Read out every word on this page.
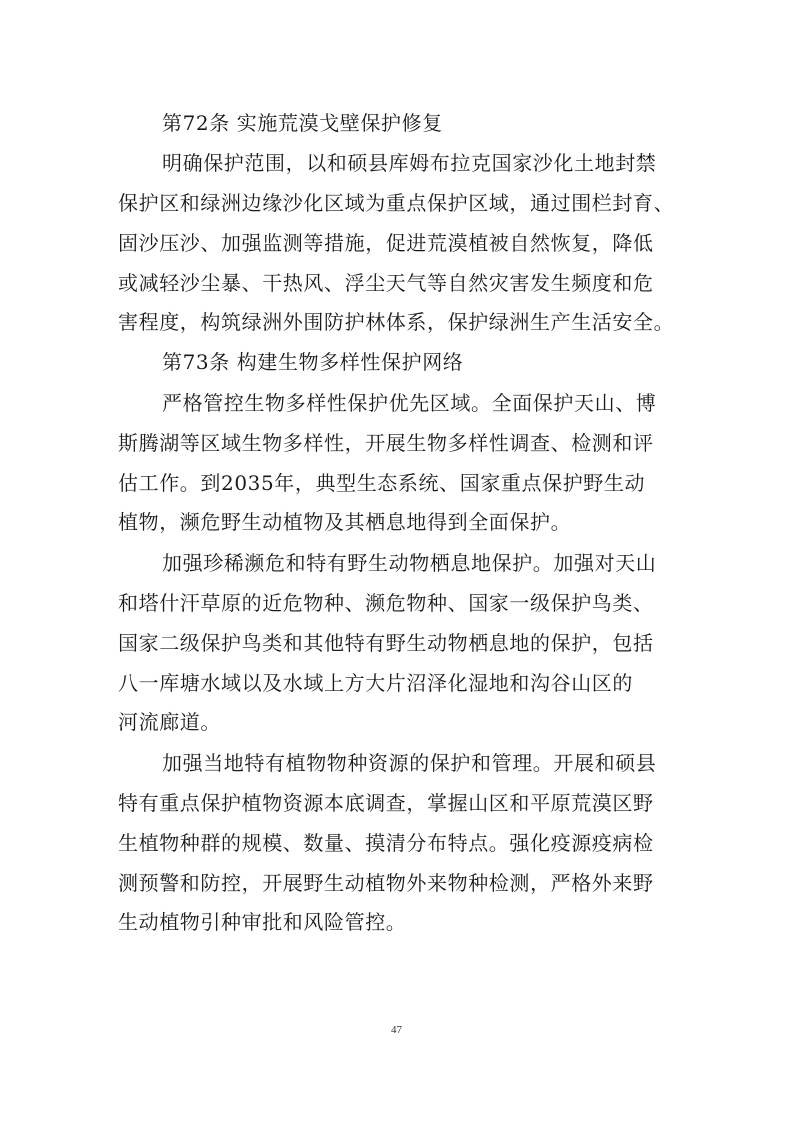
第72条 实施荒漠戈壁保护修复
明确保护范围，以和硕县库姆布拉克国家沙化土地封禁
保护区和绿洲边缘沙化区域为重点保护区域，通过围栏封育、
固沙压沙、加强监测等措施，促进荒漠植被自然恢复，降低
或减轻沙尘暴、干热风、浮尘天气等自然灾害发生频度和危
害程度，构筑绿洲外围防护林体系，保护绿洲生产生活安全。
第73条 构建生物多样性保护网络
严格管控生物多样性保护优先区域。全面保护天山、博
斯腾湖等区域生物多样性，开展生物多样性调查、检测和评
估工作。到2035年，典型生态系统、国家重点保护野生动
植物，濒危野生动植物及其栖息地得到全面保护。
加强珍稀濒危和特有野生动物栖息地保护。加强对天山
和塔什汗草原的近危物种、濒危物种、国家一级保护鸟类、
国家二级保护鸟类和其他特有野生动物栖息地的保护，包括
八一库塘水域以及水域上方大片沼泽化湿地和沟谷山区的
河流廊道。
加强当地特有植物物种资源的保护和管理。开展和硕县
特有重点保护植物资源本底调查，掌握山区和平原荒漠区野
生植物种群的规模、数量、摸清分布特点。强化疫源疫病检
测预警和防控，开展野生动植物外来物种检测，严格外来野
生动植物引种审批和风险管控。
47
